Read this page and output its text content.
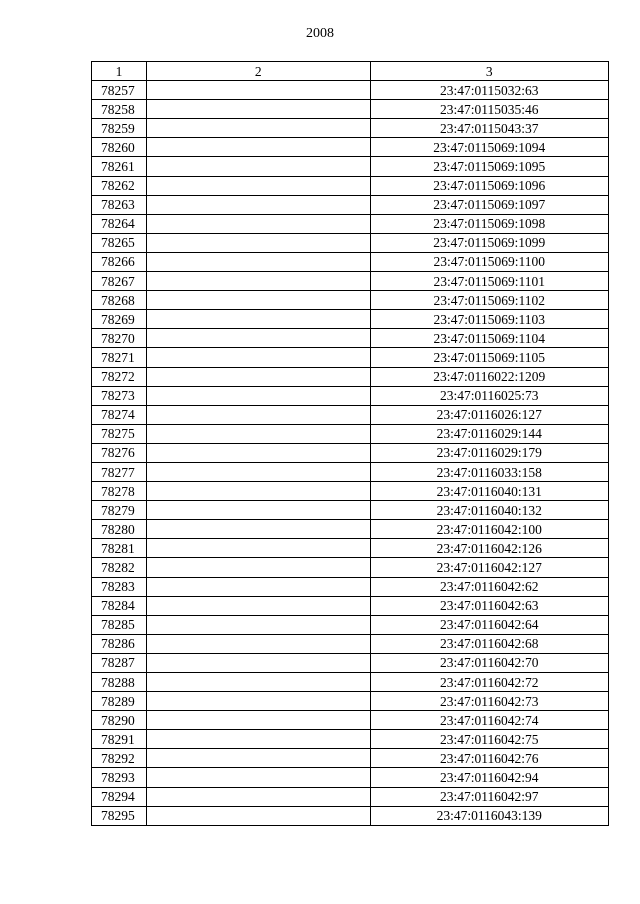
2008
1	2	3
78257		23:47:0115032:63
78258		23:47:0115035:46
78259		23:47:0115043:37
78260		23:47:0115069:1094
78261		23:47:0115069:1095
78262		23:47:0115069:1096
78263		23:47:0115069:1097
78264		23:47:0115069:1098
78265		23:47:0115069:1099
78266		23:47:0115069:1100
78267		23:47:0115069:1101
78268		23:47:0115069:1102
78269		23:47:0115069:1103
78270		23:47:0115069:1104
78271		23:47:0115069:1105
78272		23:47:0116022:1209
78273		23:47:0116025:73
78274		23:47:0116026:127
78275		23:47:0116029:144
78276		23:47:0116029:179
78277		23:47:0116033:158
78278		23:47:0116040:131
78279		23:47:0116040:132
78280		23:47:0116042:100
78281		23:47:0116042:126
78282		23:47:0116042:127
78283		23:47:0116042:62
78284		23:47:0116042:63
78285		23:47:0116042:64
78286		23:47:0116042:68
78287		23:47:0116042:70
78288		23:47:0116042:72
78289		23:47:0116042:73
78290		23:47:0116042:74
78291		23:47:0116042:75
78292		23:47:0116042:76
78293		23:47:0116042:94
78294		23:47:0116042:97
78295		23:47:0116043:139
